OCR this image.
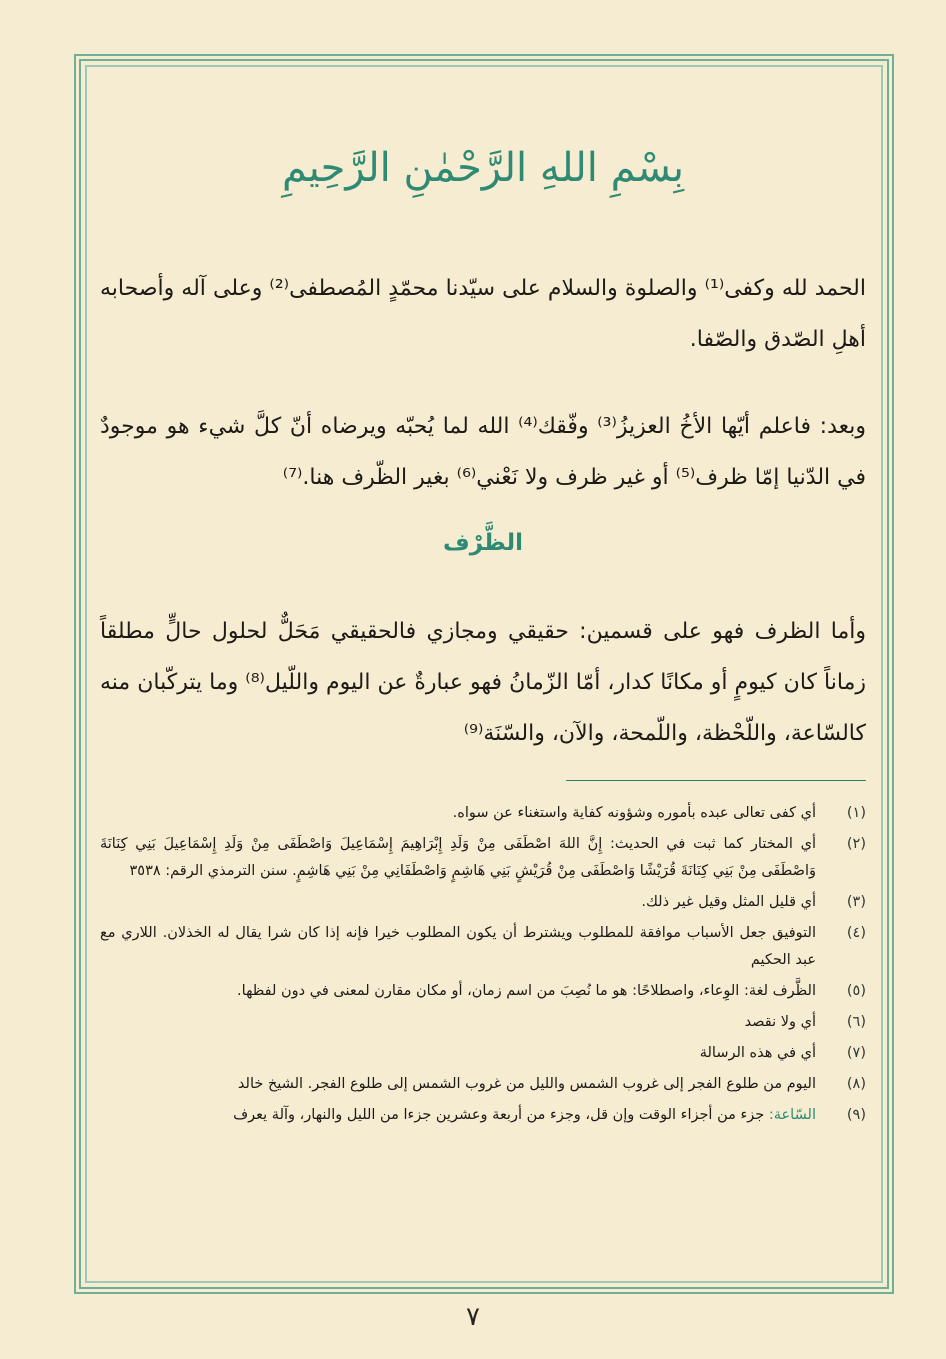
بِسْمِ اللهِ الرَّحْمٰنِ الرَّحِيمِ
الحمد لله وكفى⁽¹⁾ والصلوة والسلام على سيّدنا محمّدٍ المُصطفى⁽²⁾ وعلى آله وأصحابه أهلِ الصّدق والصّفا.
وبعد: فاعلم أيّها الأخُ العزيزُ⁽³⁾ وفّقك⁽⁴⁾ الله لما يُحبّه ويرضاه أنّ كلَّ شيء هو موجودٌ في الدّنيا إمّا ظرف⁽⁵⁾ أو غير ظرف ولا نَعْني⁽⁶⁾ بغير الظّرف هنا.⁽⁷⁾
الظَّرْف
وأما الظرف فهو على قسمين: حقيقي ومجازي فالحقيقي مَحَلٌّ لحلول حالٍّ مطلقاً زماناً كان كيومٍ أو مكانًا كدار، أمّا الزّمانُ فهو عبارةٌ عن اليوم واللّيل⁽⁸⁾ وما يتركّبان منه كالسّاعة، واللّحْظة، واللّمحة، والآن، والسّنَة⁽⁹⁾
(١)
أي كفى تعالى عبده بأموره وشؤونه كفاية واستغناء عن سواه.
(٢)
أي المختار كما ثبت في الحديث: إِنَّ اللهَ اصْطَفَى مِنْ وَلَدِ إِبْرَاهِيمَ إِسْمَاعِيلَ وَاصْطَفَى مِنْ وَلَدِ إِسْمَاعِيلَ بَنِي كِنَانَةَ وَاصْطَفَى مِنْ بَنِي كِنَانَةَ قُرَيْشًا وَاصْطَفَى مِنْ قُرَيْشٍ بَنِي هَاشِمٍ وَاصْطَفَانِي مِنْ بَنِي هَاشِمٍ. سنن الترمذي الرقم: ٣٥٣٨
(٣)
أي قليل المثل وقيل غير ذلك.
(٤)
التوفيق جعل الأسباب موافقة للمطلوب ويشترط أن يكون المطلوب خيرا فإنه إذا كان شرا يقال له الخذلان. اللاري مع عبد الحكيم
(٥)
الظَّرف لغة: الوِعاء، واصطلاحًا: هو ما نُصِبَ من اسم زمان، أو مكان مقارن لمعنى في دون لفظها.
(٦)
أي ولا نقصد
(٧)
أي في هذه الرسالة
(٨)
اليوم من طلوع الفجر إلى غروب الشمس والليل من غروب الشمس إلى طلوع الفجر. الشيخ خالد
(٩)
السّاعة: جزء من أجزاء الوقت وإن قل، وجزء من أربعة وعشرين جزءا من الليل والنهار، وآلة يعرف
٧
